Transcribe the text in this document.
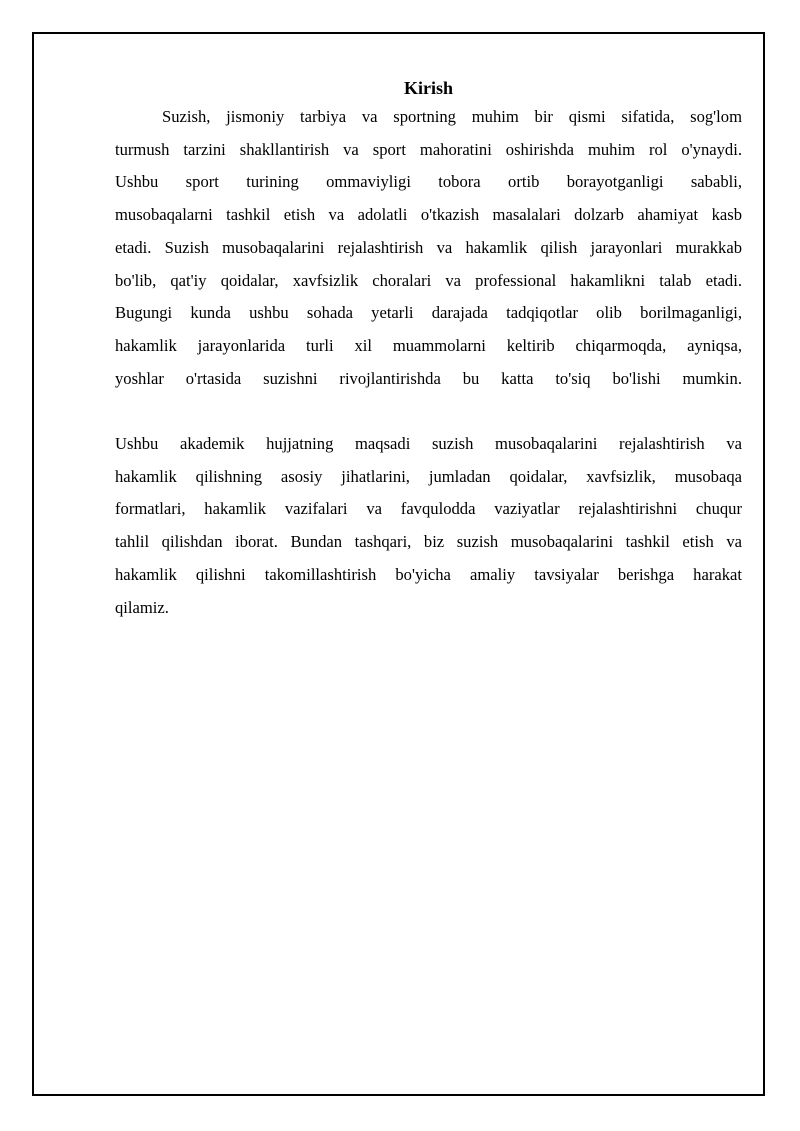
Kirish
Suzish, jismoniy tarbiya va sportning muhim bir qismi sifatida, sog'lom
turmush tarzini shakllantirish va sport mahoratini oshirishda muhim rol o'ynaydi.
Ushbu sport turining ommaviyligi tobora ortib borayotganligi sababli,
musobaqalarni tashkil etish va adolatli o'tkazish masalalari dolzarb ahamiyat kasb
etadi. Suzish musobaqalarini rejalashtirish va hakamlik qilish jarayonlari murakkab
bo'lib, qat'iy qoidalar, xavfsizlik choralari va professional hakamlikni talab etadi.
Bugungi kunda ushbu sohada yetarli darajada tadqiqotlar olib borilmaganligi,
hakamlik jarayonlarida turli xil muammolarni keltirib chiqarmoqda, ayniqsa,
yoshlar o'rtasida suzishni rivojlantirishda bu katta to'siq bo'lishi mumkin.
Ushbu akademik hujjatning maqsadi suzish musobaqalarini rejalashtirish va
hakamlik qilishning asosiy jihatlarini, jumladan qoidalar, xavfsizlik, musobaqa
formatlari, hakamlik vazifalari va favqulodda vaziyatlar rejalashtirishni chuqur
tahlil qilishdan iborat. Bundan tashqari, biz suzish musobaqalarini tashkil etish va
hakamlik qilishni takomillashtirish bo'yicha amaliy tavsiyalar berishga harakat
qilamiz.
